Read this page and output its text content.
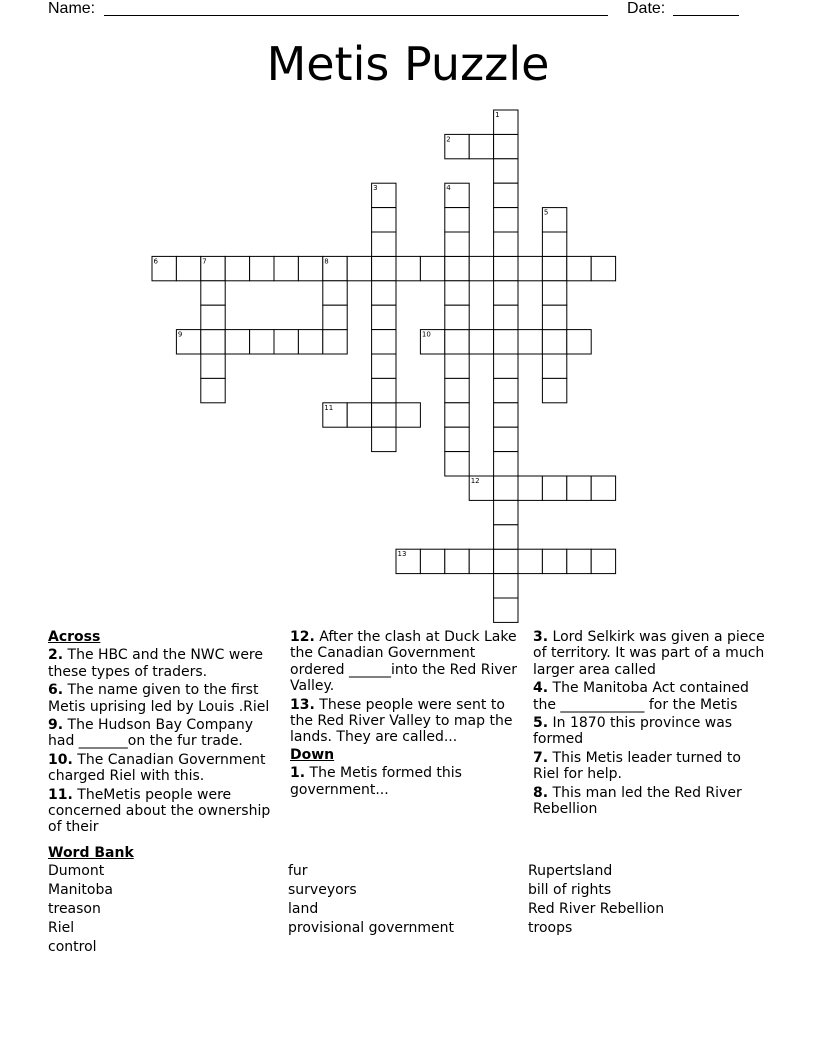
Name:	Date:
Metis Puzzle
2
6
9	10
11
12
13
1
3	4
5
7	8
Across
2. The HBC and the NWC were these types of traders.
6. The name given to the first Metis uprising led by Louis .Riel
9. The Hudson Bay Company had _______on the fur trade.
10. The Canadian Government charged Riel with this.
11. TheMetis people were concerned about the ownership of their
12. After the clash at Duck Lake the Canadian Government ordered ______into the Red River Valley.
13. These people were sent to the Red River Valley to map the lands. They are called...
Down
1. The Metis formed this government...
3. Lord Selkirk was given a piece of territory. It was part of a much larger area called
4. The Manitoba Act contained the ____________ for the Metis
5. In 1870 this province was formed
7. This Metis leader turned to Riel for help.
8. This man led the Red River Rebellion
Word Bank
Dumont
Manitoba
treason
Riel
control
fur
surveyors
land
provisional government
Rupertsland
bill of rights
Red River Rebellion
troops
